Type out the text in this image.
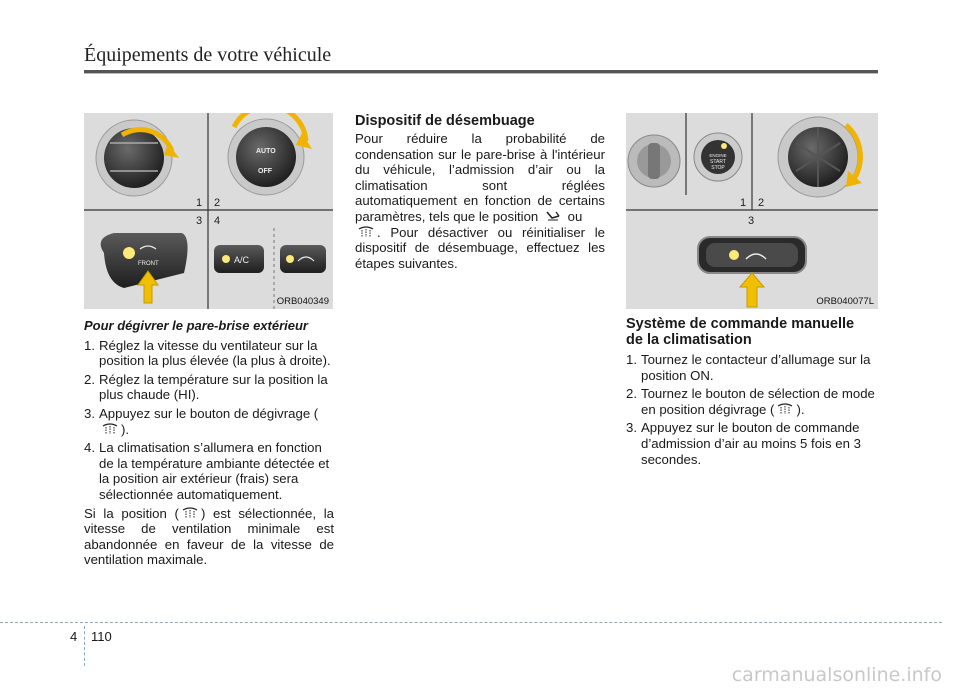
Équipements de votre véhicule
AUTO
OFF
1 2
3 4
FRONT	A/C
ORB040349
Pour dégivrer le pare-brise extérieur
1. Réglez la vitesse du ventilateur sur la position la plus élevée (la plus à droite).
2. Réglez la température sur la position la plus chaude (HI).
3. Appuyez sur le bouton de dégivrage ().
4. La climatisation s’allumera en fonction de la température ambiante détectée et la position air extérieur (frais) sera sélectionnée automatiquement.

Si la position ( ) est sélectionnée, la vitesse de ventilation minimale est abandonnée en faveur de la vitesse de ventilation maximale.

Dispositif de désembuage

Pour réduire la probabilité de condensation sur le pare-brise à l'intérieur du véhicule, l’admission d’air ou la climatisation sont réglées automatiquement en fonction de certains paramètres, tels que le position ou
. Pour désactiver ou réinitialiser le dispositif de désembuage, effectuez les étapes suivantes.

ENGINE
START
STOP
1 2
3
ORB040077L
Système de commande manuelle
de la climatisation
1. Tournez le contacteur d’allumage sur la position ON.
2. Tournez le bouton de sélection de mode en position dégivrage ( ).
3. Appuyez sur le bouton de commande d’admission d’air au moins 5 fois en 3 secondes.
4 110
carmanualsonline.info
